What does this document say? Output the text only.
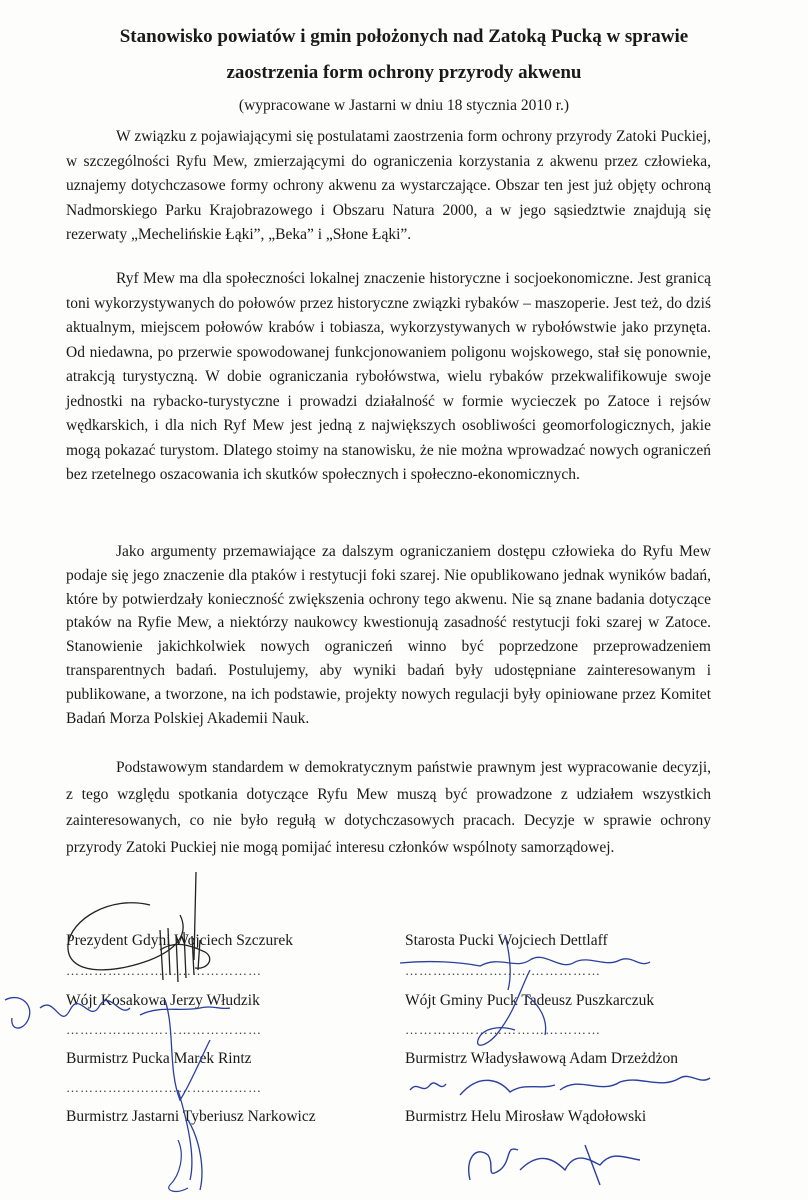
Stanowisko powiatów i gmin położonych nad Zatoką Pucką w sprawie
zaostrzenia form ochrony przyrody akwenu
(wypracowane w Jastarni w dniu 18 stycznia 2010 r.)

W związku z pojawiającymi się postulatami zaostrzenia form ochrony przyrody Zatoki Puckiej, w szczególności Ryfu Mew, zmierzającymi do ograniczenia korzystania z akwenu przez człowieka, uznajemy dotychczasowe formy ochrony akwenu za wystarczające. Obszar ten jest już objęty ochroną Nadmorskiego Parku Krajobrazowego i Obszaru Natura 2000, a w jego sąsiedztwie znajdują się rezerwaty „Mechelińskie Łąki”, „Beka” i „Słone Łąki”.

Ryf Mew ma dla społeczności lokalnej znaczenie historyczne i socjoekonomiczne. Jest granicą toni wykorzystywanych do połowów przez historyczne związki rybaków – maszoperie. Jest też, do dziś aktualnym, miejscem połowów krabów i tobiasza, wykorzystywanych w rybołówstwie jako przynęta. Od niedawna, po przerwie spowodowanej funkcjonowaniem poligonu wojskowego, stał się ponownie, atrakcją turystyczną. W dobie ograniczania rybołówstwa, wielu rybaków przekwalifikowuje swoje jednostki na rybacko-turystyczne i prowadzi działalność w formie wycieczek po Zatoce i rejsów wędkarskich, i dla nich Ryf Mew jest jedną z największych osobliwości geomorfologicznych, jakie mogą pokazać turystom. Dlatego stoimy na stanowisku, że nie można wprowadzać nowych ograniczeń bez rzetelnego oszacowania ich skutków społecznych i społeczno-ekonomicznych.

Jako argumenty przemawiające za dalszym ograniczaniem dostępu człowieka do Ryfu Mew podaje się jego znaczenie dla ptaków i restytucji foki szarej. Nie opublikowano jednak wyników badań, które by potwierdzały konieczność zwiększenia ochrony tego akwenu. Nie są znane badania dotyczące ptaków na Ryfie Mew, a niektórzy naukowcy kwestionują zasadność restytucji foki szarej w Zatoce. Stanowienie jakichkolwiek nowych ograniczeń winno być poprzedzone przeprowadzeniem transparentnych badań. Postulujemy, aby wyniki badań były udostępniane zainteresowanym i publikowane, a tworzone, na ich podstawie, projekty nowych regulacji były opiniowane przez Komitet Badań Morza Polskiej Akademii Nauk.

Podstawowym standardem w demokratycznym państwie prawnym jest wypracowanie decyzji, z tego względu spotkania dotyczące Ryfu Mew muszą być prowadzone z udziałem wszystkich zainteresowanych, co nie było regułą w dotychczasowych pracach. Decyzje w sprawie ochrony przyrody Zatoki Puckiej nie mogą pomijać interesu członków wspólnoty samorządowej.

Prezydent Gdyni Wojciech Szczurek
……………………………………
Wójt Kosakowa Jerzy Włudzik
……………………………………
Burmistrz Pucka Marek Rintz
……………………………………
Burmistrz Jastarni Tyberiusz Narkowicz
Starosta Pucki Wojciech Dettlaff
……………………………………
Wójt Gminy Puck Tadeusz Puszkarczuk
……………………………………
Burmistrz Władysławową Adam Drzeżdżon
Burmistrz Helu Mirosław Wądołowski
